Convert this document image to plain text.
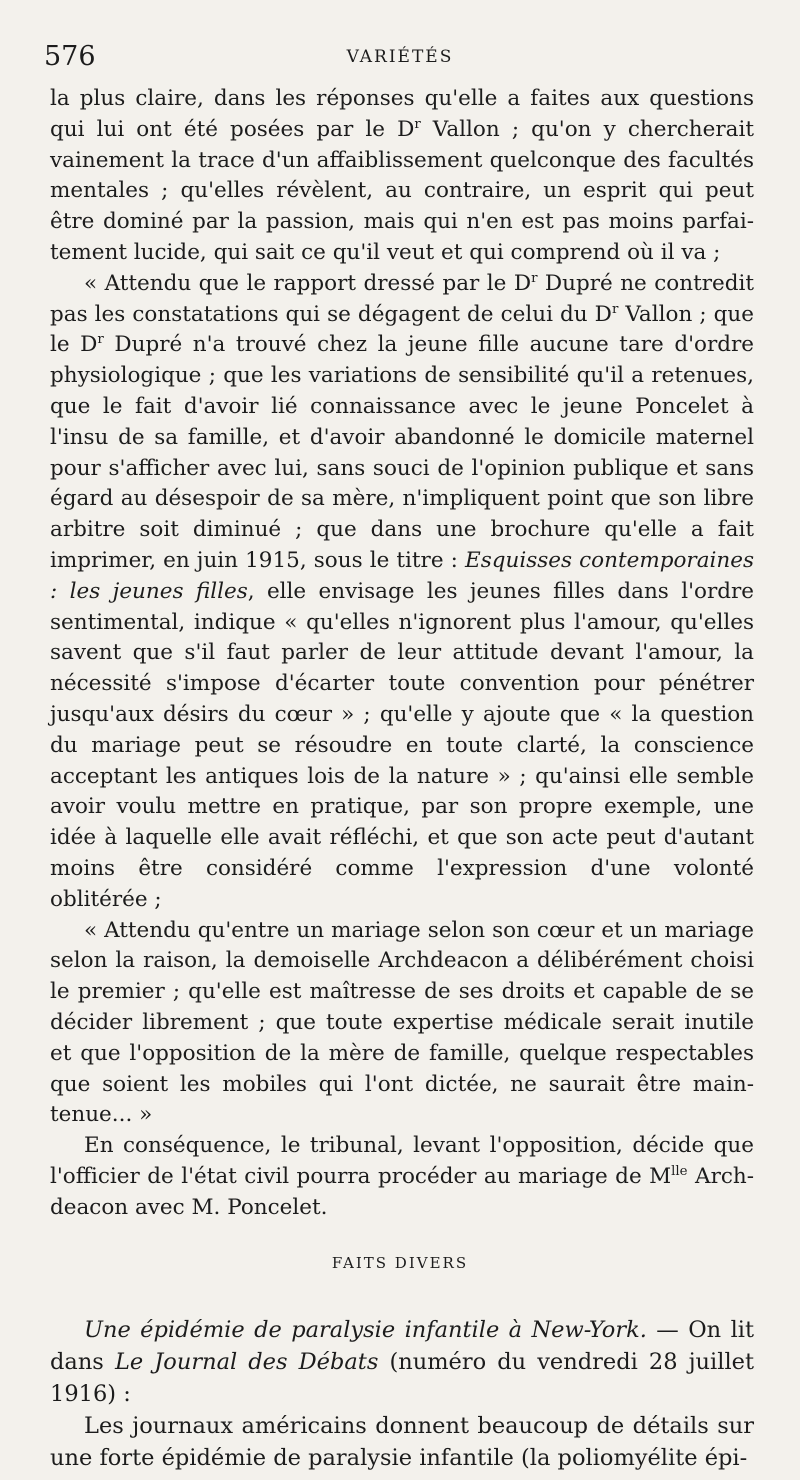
576	VARIÉTÉS

la plus claire, dans les réponses qu'elle a faites aux questions qui lui ont été posées par le $D^r$ Vallon ; qu'on y chercherait vainement la trace d'un affaiblissement quelconque des facultés mentales ; qu'elles révèlent, au contraire, un esprit qui peut être dominé par la passion, mais qui n'en est pas moins parfaitement lucide, qui sait ce qu'il veut et qui comprend où il va ;

« Attendu que le rapport dressé par le $D^r$ Dupré ne contredit pas les constatations qui se dégagent de celui du $D^r$ Vallon ; que le $D^r$ Dupré n'a trouvé chez la jeune fille aucune tare d'ordre physiologique ; que les variations de sensibilité qu'il a retenues, que le fait d'avoir lié connaissance avec le jeune Poncelet à l'insu de sa famille, et d'avoir abandonné le domicile maternel pour s'afficher avec lui, sans souci de l'opinion publique et sans égard au désespoir de sa mère, n'impliquent point que son libre arbitre soit diminué ; que dans une brochure qu'elle a fait imprimer, en juin 1915, sous le titre : Esquisses contemporaines : les jeunes filles, elle envisage les jeunes filles dans l'ordre sentimental, indique « qu'elles n'ignorent plus l'amour, qu'elles savent que s'il faut parler de leur attitude devant l'amour, la nécessité s'impose d'écarter toute convention pour pénétrer jusqu'aux désirs du cœur » ; qu'elle y ajoute que « la question du mariage peut se résoudre en toute clarté, la conscience acceptant les antiques lois de la nature » ; qu'ainsi elle semble avoir voulu mettre en pratique, par son propre exemple, une idée à laquelle elle avait réfléchi, et que son acte peut d'autant moins être considéré comme l'expression d'une volonté oblitérée ;

« Attendu qu'entre un mariage selon son cœur et un mariage selon la raison, la demoiselle Archdeacon a délibérément choisi le premier ; qu'elle est maîtresse de ses droits et capable de se décider librement ; que toute expertise médicale serait inutile et que l'opposition de la mère de famille, quelque respectables que soient les mobiles qui l'ont dictée, ne saurait être maintenue... »

En conséquence, le tribunal, levant l'opposition, décide que l'officier de l'état civil pourra procéder au mariage de $M^{lle}$ Archdeacon avec M. Poncelet.

FAITS DIVERS

Une épidémie de paralysie infantile à New-York. — On lit dans Le Journal des Débats (numéro du vendredi 28 juillet 1916) :

Les journaux américains donnent beaucoup de détails sur une forte épidémie de paralysie infantile (la poliomyélite épi-
